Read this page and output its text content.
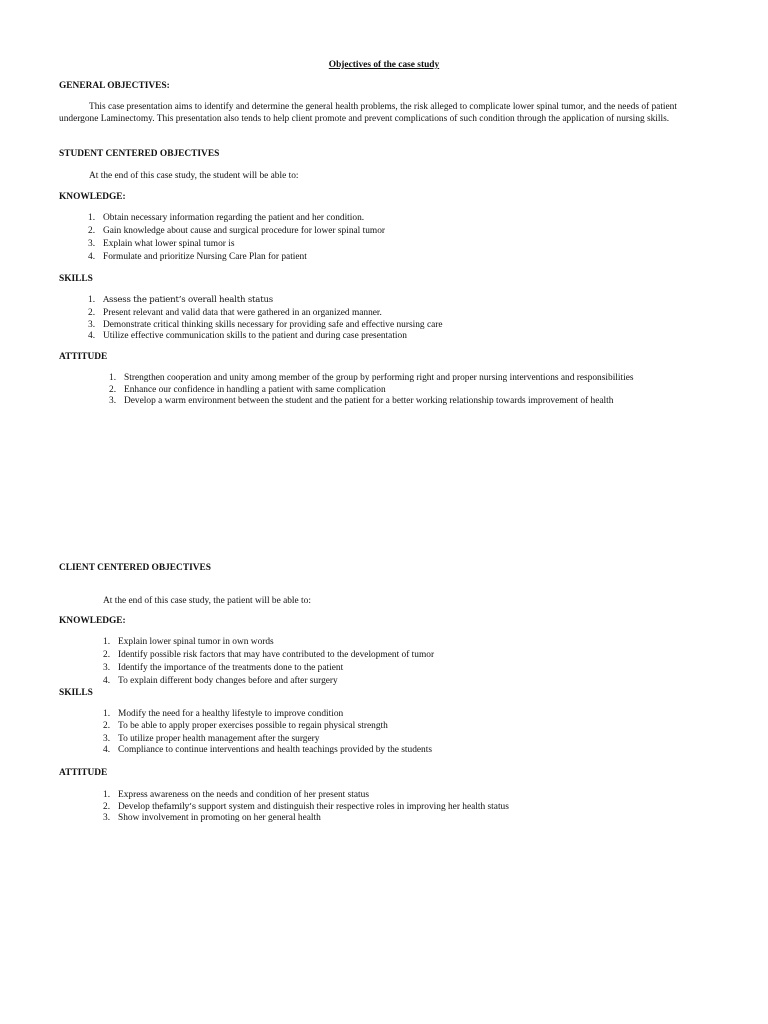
Objectives of the case study
GENERAL OBJECTIVES:
This case presentation aims to identify and determine the general health problems, the risk alleged to complicate lower spinal tumor, and the needs of patient undergone Laminectomy. This presentation also tends to help client promote and prevent complications of such condition through the application of nursing skills.
STUDENT CENTERED OBJECTIVES
At the end of this case study, the student will be able to:
KNOWLEDGE:
1. Obtain necessary information regarding the patient and her condition.
2. Gain knowledge about cause and surgical procedure for lower spinal tumor
3. Explain what lower spinal tumor is
4. Formulate and prioritize Nursing Care Plan for patient
SKILLS
1. Assess the patient’s overall health status
2. Present relevant and valid data that were gathered in an organized manner.
3. Demonstrate critical thinking skills necessary for providing safe and effective nursing care
4. Utilize effective communication skills to the patient and during case presentation
ATTITUDE
1. Strengthen cooperation and unity among member of the group by performing right and proper nursing interventions and responsibilities
2. Enhance our confidence in handling a patient with same complication
3. Develop a warm environment between the student and the patient for a better working relationship towards improvement of health
CLIENT CENTERED OBJECTIVES
At the end of this case study, the patient will be able to:
KNOWLEDGE:
1. Explain lower spinal tumor in own words
2. Identify possible risk factors that may have contributed to the development of tumor
3. Identify the importance of the treatments done to the patient
4. To explain different body changes before and after surgery
SKILLS
1. Modify the need for a healthy lifestyle to improve condition
2. To be able to apply proper exercises possible to regain physical strength
3. To utilize proper health management after the surgery
4. Compliance to continue interventions and health teachings provided by the students
ATTITUDE
1. Express awareness on the needs and condition of her present status
2. Develop thefamily’s support system and distinguish their respective roles in improving her health status
3. Show involvement in promoting on her general health
